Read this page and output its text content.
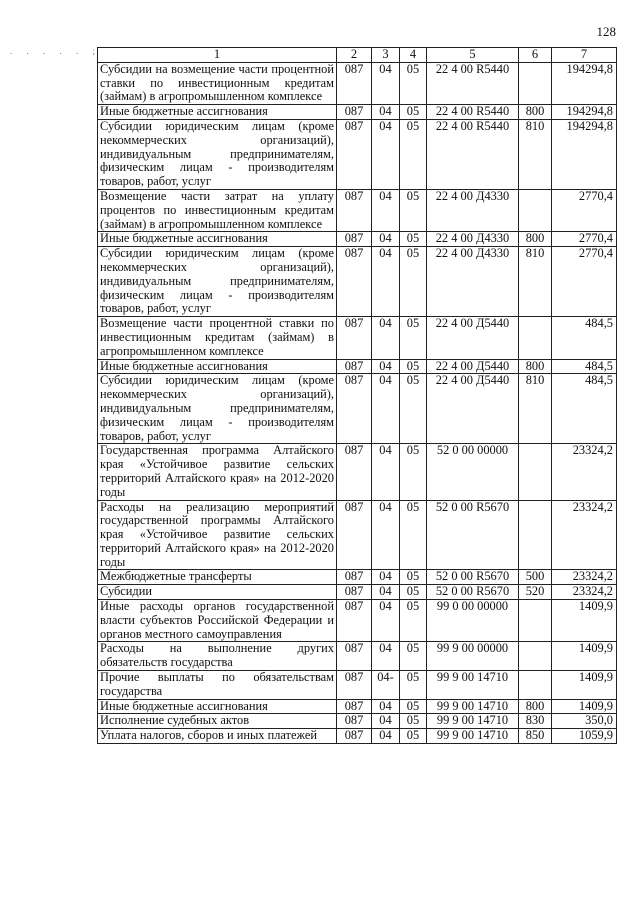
128
. . . . . ;	1	2	3	4	5	6	7
Субсидии на возмещение части процентной ставки по инвестиционным кредитам (займам) в агропромышленном комплексе	087	04	05	22 4 00 R5440		194294,8
Иные бюджетные ассигнования	087	04	05	22 4 00 R5440	800	194294,8
Субсидии юридическим лицам (кроме некоммерческих организаций), индивидуальным предпринимателям, физическим лицам - производителям товаров, работ, услуг	087	04	05	22 4 00 R5440	810	194294,8
Возмещение части затрат на уплату процентов по инвестиционным кредитам (займам) в агропромышленном комплексе	087	04	05	22 4 00 Д4330		2770,4
Иные бюджетные ассигнования	087	04	05	22 4 00 Д4330	800	2770,4
Субсидии юридическим лицам (кроме некоммерческих организаций), индивидуальным предпринимателям, физическим лицам - производителям товаров, работ, услуг	087	04	05	22 4 00 Д4330	810	2770,4
Возмещение части процентной ставки по инвестиционным кредитам (займам) в агропромышленном комплексе	087	04	05	22 4 00 Д5440		484,5
Иные бюджетные ассигнования	087	04	05	22 4 00 Д5440	800	484,5
Субсидии юридическим лицам (кроме некоммерческих организаций), индивидуальным предпринимателям, физическим лицам - производителям товаров, работ, услуг	087	04	05	22 4 00 Д5440	810	484,5
Государственная программа Алтайского края «Устойчивое развитие сельских территорий Алтайского края» на 2012-2020 годы	087	04	05	52 0 00 00000		23324,2
Расходы на реализацию мероприятий государственной программы Алтайского края «Устойчивое развитие сельских территорий Алтайского края» на 2012-2020 годы	087	04	05	52 0 00 R5670		23324,2
Межбюджетные трансферты	087	04	05	52 0 00 R5670	500	23324,2
Субсидии	087	04	05	52 0 00 R5670	520	23324,2
Иные расходы органов государственной власти субъектов Российской Федерации и органов местного самоуправления	087	04	05	99 0 00 00000		1409,9
Расходы на выполнение других обязательств государства	087	04	05	99 9 00 00000		1409,9
Прочие выплаты по обязательствам государства	087	04-	05	99 9 00 14710		1409,9
Иные бюджетные ассигнования	087	04	05	99 9 00 14710	800	1409,9
Исполнение судебных актов	087	04	05	99 9 00 14710	830	350,0
Уплата налогов, сборов и иных платежей	087	04	05	99 9 00 14710	850	1059,9
